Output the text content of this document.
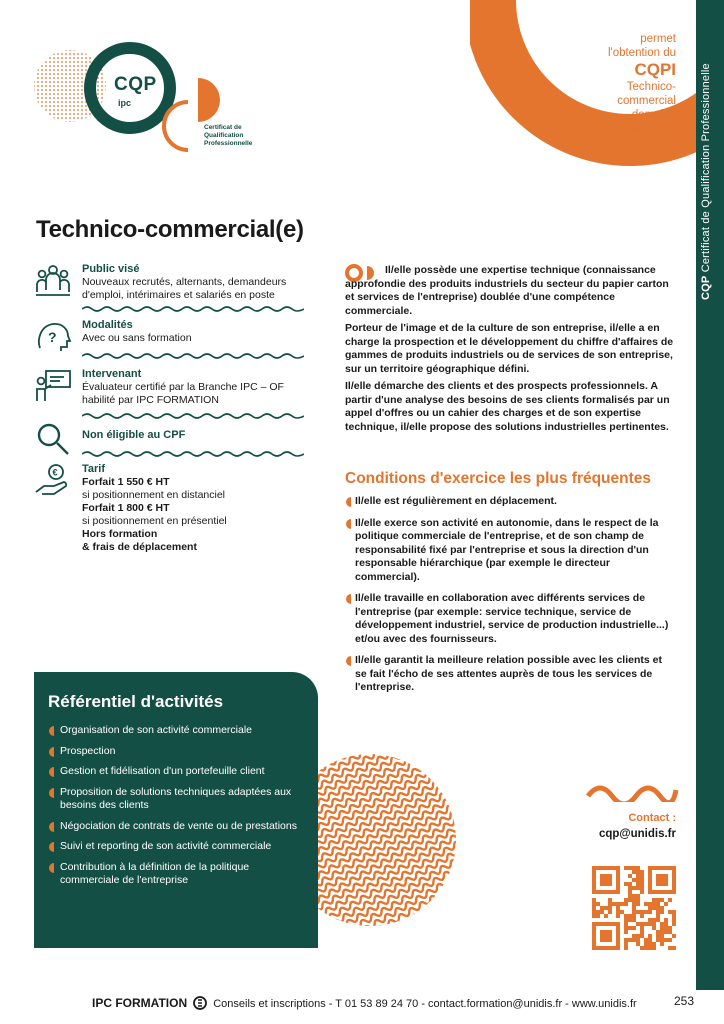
CQP Certificat de Qualification Professionnelle
permet
l'obtention du
CQPI
Technico-
commercial
domaine
industriel
CQP
ipc
Certificat de
Qualification
Professionnelle
Technico-commercial(e)
Public visé
Nouveaux recrutés, alternants, demandeurs d'emploi, intérimaires et salariés en poste
?
Modalités
Avec ou sans formation
Intervenant
Évaluateur certifié par la Branche IPC – OF habilité par IPC FORMATION
Non éligible au CPF
€ Tarif
Forfait 1 550 € HT
si positionnement en distanciel
Forfait 1 800 € HT
si positionnement en présentiel
Hors formation
& frais de déplacement

Il/elle possède une expertise technique (connaissance approfondie des produits industriels du secteur du papier carton et services de l'entreprise) doublée d'une compétence commerciale.

Porteur de l'image et de la culture de son entreprise, il/elle a en charge la prospection et le développement du chiffre d'affaires de gammes de produits industriels ou de services de son entreprise, sur un territoire géographique défini.

Il/elle démarche des clients et des prospects professionnels. A partir d'une analyse des besoins de ses clients formalisés par un appel d'offres ou un cahier des charges et de son expertise technique, il/elle propose des solutions industrielles pertinentes.

Conditions d'exercice les plus fréquentes
Il/elle est régulièrement en déplacement.
Il/elle exerce son activité en autonomie, dans le respect de la politique commerciale de l'entreprise, et de son champ de responsabilité fixé par l'entreprise et sous la direction d'un responsable hiérarchique (par exemple le directeur commercial).
Il/elle travaille en collaboration avec différents services de l'entreprise (par exemple: service technique, service de développement industriel, service de production industrielle...) et/ou avec des fournisseurs.
Il/elle garantit la meilleure relation possible avec les clients et se fait l'écho de ses attentes auprès de tous les services de l'entreprise.
Référentiel d'activités
Organisation de son activité commerciale
Prospection
Gestion et fidélisation d'un portefeuille client
Proposition de solutions techniques adaptées aux besoins des clients
Négociation de contrats de vente ou de prestations
Suivi et reporting de son activité commerciale
Contribution à la définition de la politique commerciale de l'entreprise
Contact :
cqp@unidis.fr
IPC FORMATION Conseils et inscriptions - T 01 53 89 24 70 - contact.formation@unidis.fr - www.unidis.fr	253
